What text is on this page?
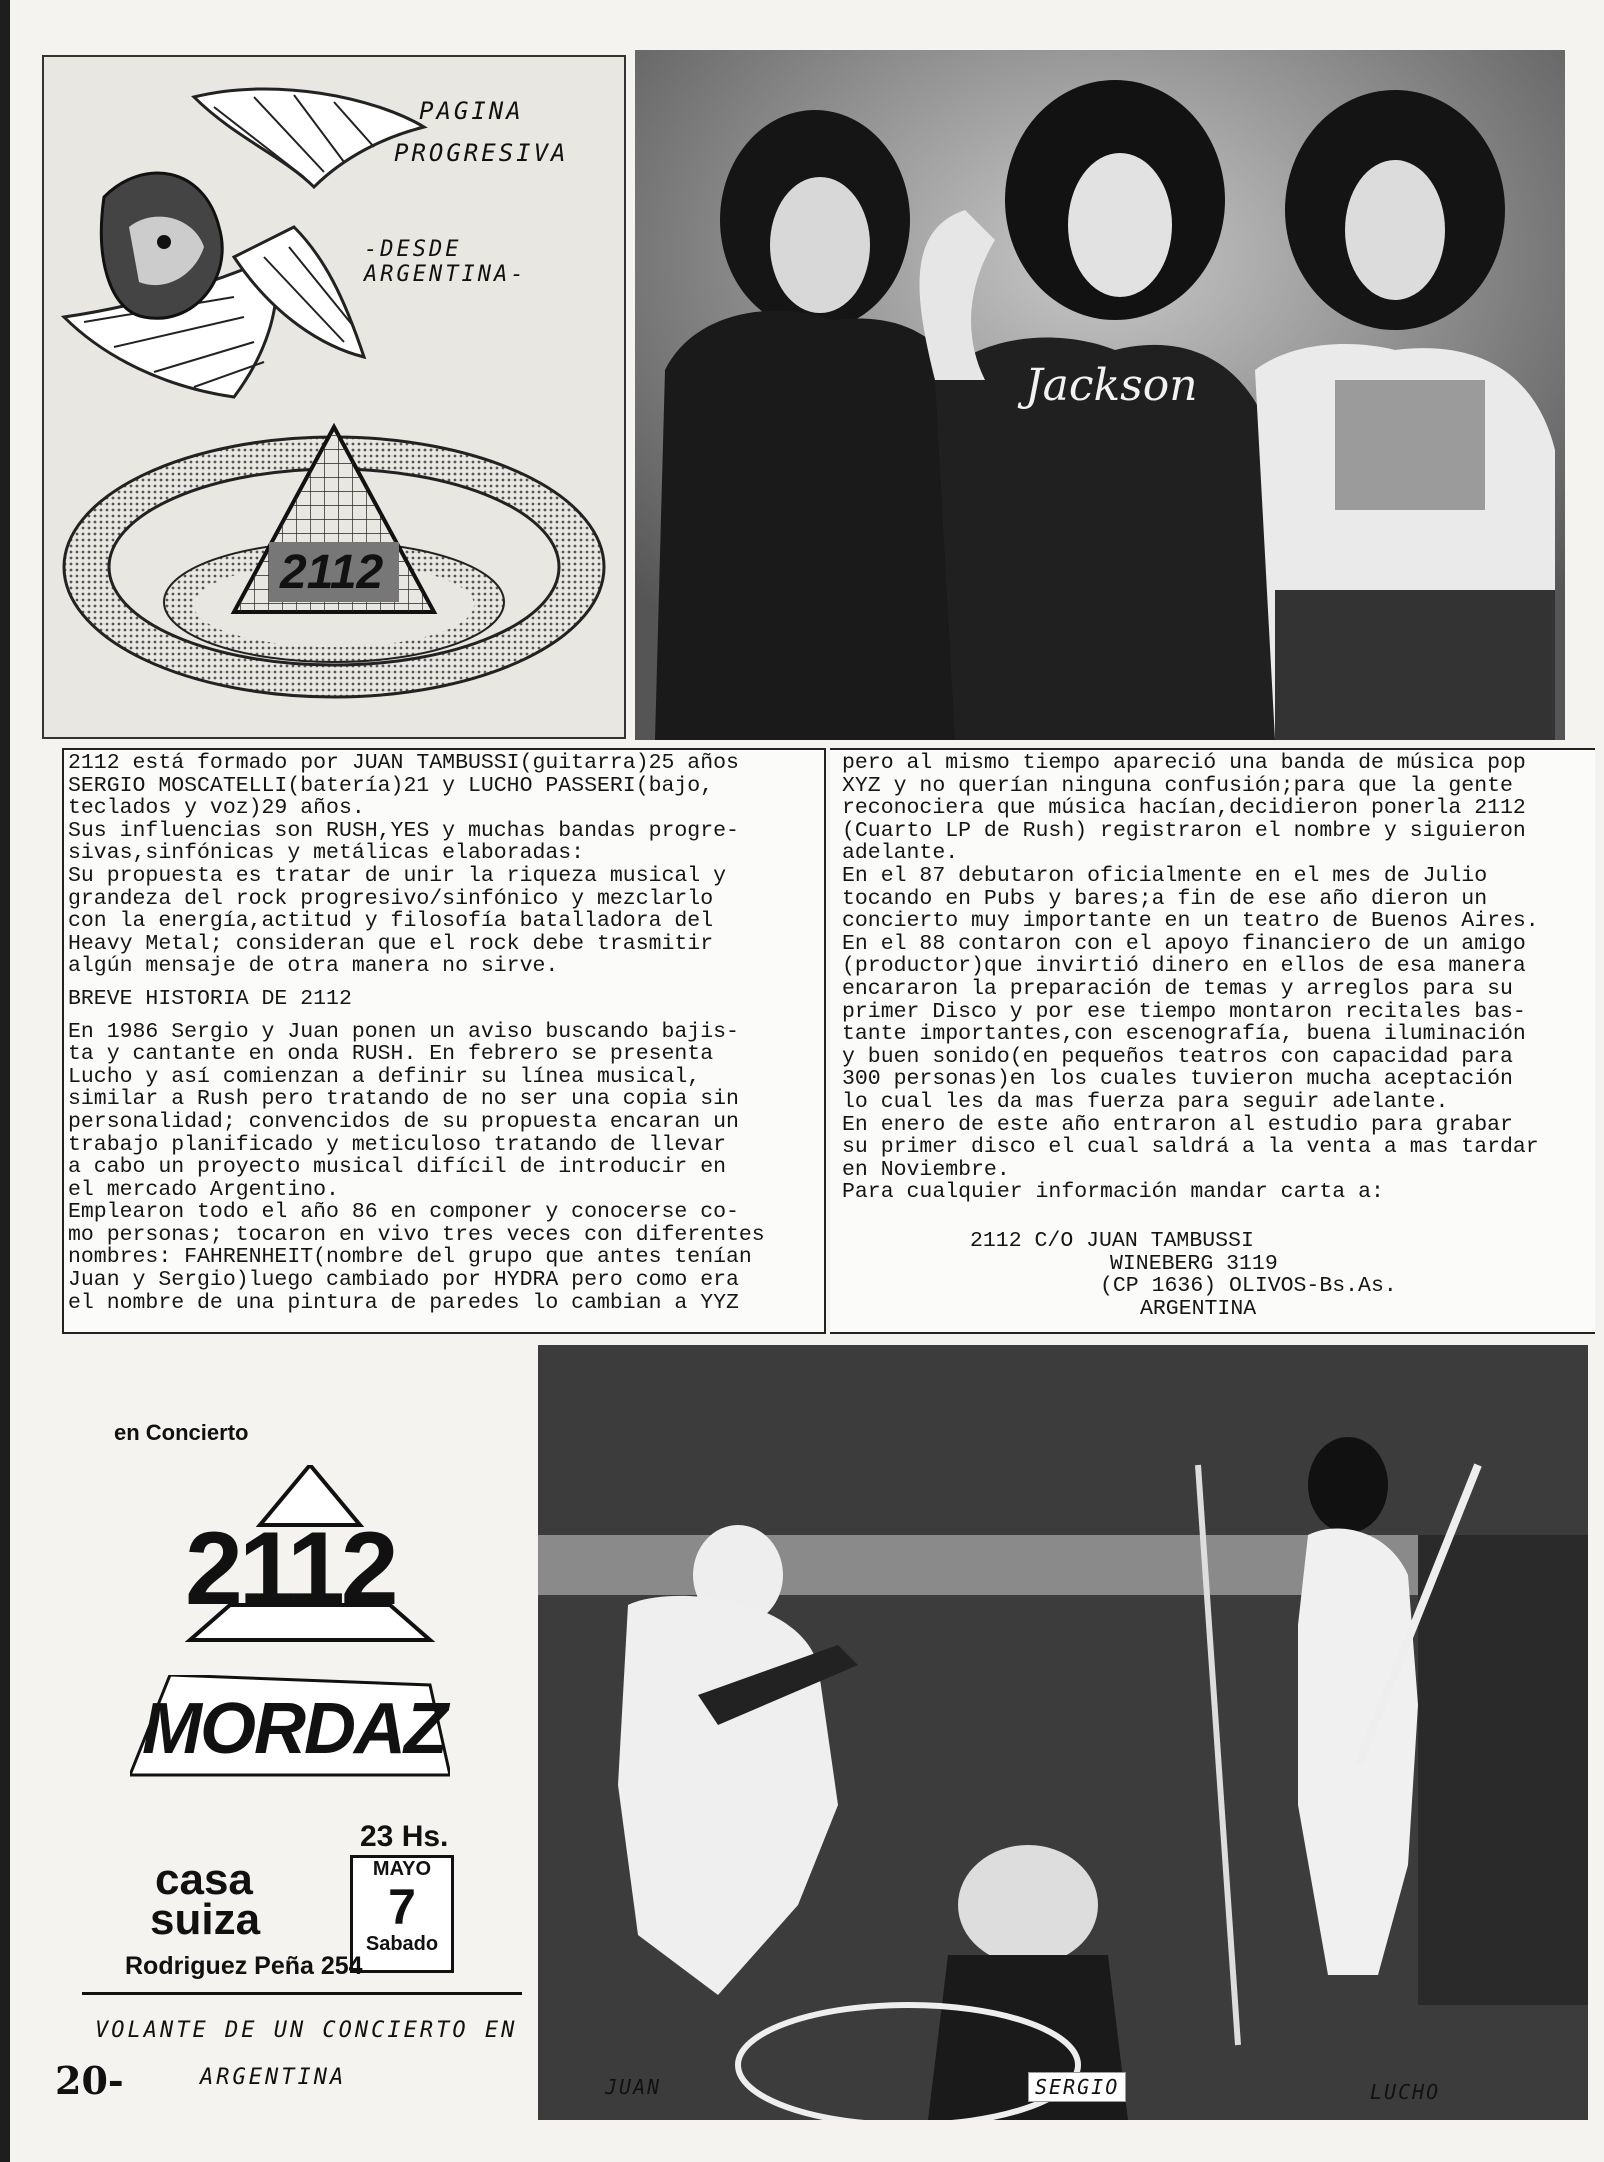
PAGINA
PROGRESIVA
-DESDE ARGENTINA-
2112
Jackson
2112 está formado por JUAN TAMBUSSI(guitarra)25 años
SERGIO MOSCATELLI(batería)21 y LUCHO PASSERI(bajo,
teclados y voz)29 años.
Sus influencias son RUSH,YES y muchas bandas progre-
sivas,sinfónicas y metálicas elaboradas:
Su propuesta es tratar de unir la riqueza musical y
grandeza del rock progresivo/sinfónico y mezclarlo
con la energía,actitud y filosofía batalladora del
Heavy Metal; consideran que el rock debe trasmitir
algún mensaje de otra manera no sirve.
BREVE HISTORIA DE 2112
En 1986 Sergio y Juan ponen un aviso buscando bajis-
ta y cantante en onda RUSH. En febrero se presenta
Lucho y así comienzan a definir su línea musical,
similar a Rush pero tratando de no ser una copia sin
personalidad; convencidos de su propuesta encaran un
trabajo planificado y meticuloso tratando de llevar
a cabo un proyecto musical difícil de introducir en
el mercado Argentino.
Emplearon todo el año 86 en componer y conocerse co-
mo personas; tocaron en vivo tres veces con diferentes
nombres: FAHRENHEIT(nombre del grupo que antes tenían
Juan y Sergio)luego cambiado por HYDRA pero como era
el nombre de una pintura de paredes lo cambian a YYZ
pero al mismo tiempo apareció una banda de música pop
XYZ y no querían ninguna confusión;para que la gente
reconociera que música hacían,decidieron ponerla 2112
(Cuarto LP de Rush) registraron el nombre y siguieron
adelante.
En el 87 debutaron oficialmente en el mes de Julio
tocando en Pubs y bares;a fin de ese año dieron un
concierto muy importante en un teatro de Buenos Aires.
En el 88 contaron con el apoyo financiero de un amigo
(productor)que invirtió dinero en ellos de esa manera
encararon la preparación de temas y arreglos para su
primer Disco y por ese tiempo montaron recitales bas-
tante importantes,con escenografía, buena iluminación
y buen sonido(en pequeños teatros con capacidad para
300 personas)en los cuales tuvieron mucha aceptación
lo cual les da mas fuerza para seguir adelante.
En enero de este año entraron al estudio para grabar
su primer disco el cual saldrá a la venta a mas tardar
en Noviembre.
Para cualquier información mandar carta a:
2112 C/O JUAN TAMBUSSI
WINEBERG 3119
(CP 1636) OLIVOS-Bs.As.
ARGENTINA
en Concierto
2112
MORDAZ
casa
suiza
23 Hs.
MAYO
7
Sabado
Rodriguez Peña 254
VOLANTE DE UN CONCIERTO EN
ARGENTINA
20-	JUAN	SERGIO	LUCHO
